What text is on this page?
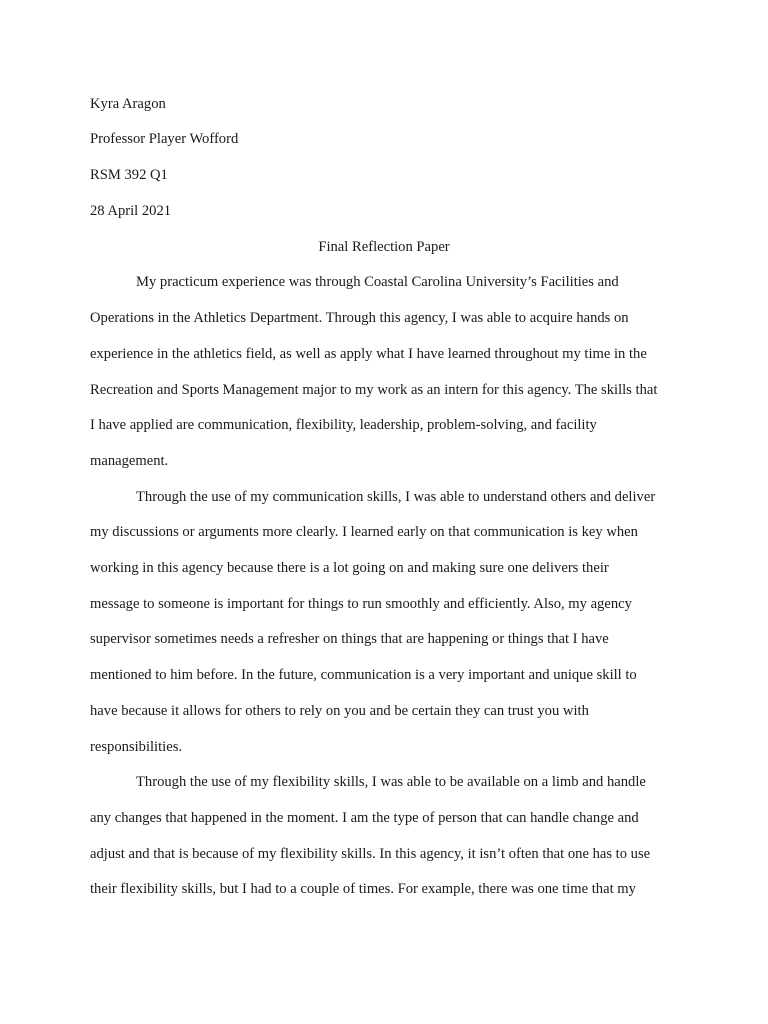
Kyra Aragon
Professor Player Wofford
RSM 392 Q1
28 April 2021
Final Reflection Paper
My practicum experience was through Coastal Carolina University’s Facilities and
Operations in the Athletics Department. Through this agency, I was able to acquire hands on
experience in the athletics field, as well as apply what I have learned throughout my time in the
Recreation and Sports Management major to my work as an intern for this agency. The skills that
I have applied are communication, flexibility, leadership, problem-solving, and facility
management.
Through the use of my communication skills, I was able to understand others and deliver
my discussions or arguments more clearly. I learned early on that communication is key when
working in this agency because there is a lot going on and making sure one delivers their
message to someone is important for things to run smoothly and efficiently. Also, my agency
supervisor sometimes needs a refresher on things that are happening or things that I have
mentioned to him before. In the future, communication is a very important and unique skill to
have because it allows for others to rely on you and be certain they can trust you with
responsibilities.
Through the use of my flexibility skills, I was able to be available on a limb and handle
any changes that happened in the moment. I am the type of person that can handle change and
adjust and that is because of my flexibility skills. In this agency, it isn’t often that one has to use
their flexibility skills, but I had to a couple of times. For example, there was one time that my
